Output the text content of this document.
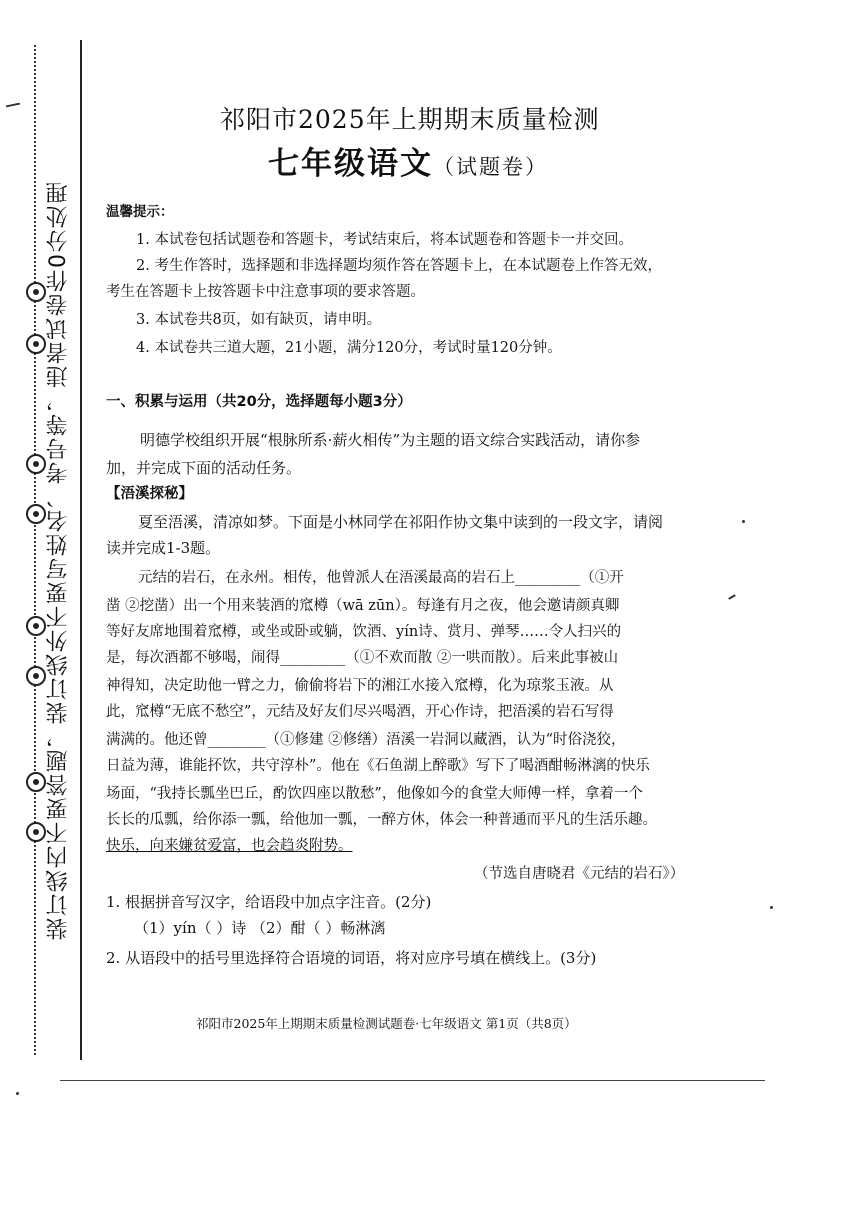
装订线内不要答题，装订线外不要写姓名、考号等，违者试卷作0分处理
祁阳市2025年上期期末质量检测
七年级语文（试题卷）
温馨提示：
1. 本试卷包括试题卷和答题卡，考试结束后，将本试题卷和答题卡一并交回。
2. 考生作答时，选择题和非选择题均须作答在答题卡上，在本试题卷上作答无效，
考生在答题卡上按答题卡中注意事项的要求答题。
3. 本试卷共8页，如有缺页，请申明。
4. 本试卷共三道大题，21小题，满分120分，考试时量120分钟。
一、积累与运用（共20分，选择题每小题3分）
明德学校组织开展“根脉所系·薪火相传”为主题的语文综合实践活动，请你参
加，并完成下面的活动任务。
【浯溪探秘】
夏至浯溪，清凉如梦。下面是小林同学在祁阳作协文集中读到的一段文字，请阅
读并完成1-3题。
元结的岩石，在永州。相传，他曾派人在浯溪最高的岩石上_________（①开
凿 ②挖凿）出一个用来装酒的窊樽（wā zūn）。每逢有月之夜，他会邀请颜真卿
等好友席地围着窊樽，或坐或卧或躺，饮酒、yín诗、赏月、弹琴……令人扫兴的
是，每次酒都不够喝，闹得_________（①不欢而散 ②一哄而散）。后来此事被山
神得知，决定助他一臂之力，偷偷将岩下的湘江水接入窊樽，化为琼浆玉液。从
此，窊樽“无底不愁空”，元结及好友们尽兴喝酒，开心作诗，把浯溪的岩石写得
满满的。他还曾________（①修建 ②修缮）浯溪一岩洞以藏酒，认为“时俗浇狡，
日益为薄，谁能抔饮，共守淳朴”。他在《石鱼湖上醉歌》写下了喝酒酣畅淋漓的快乐
场面，“我持长瓢坐巴丘，酌饮四座以散愁”，他像如今的食堂大师傅一样，拿着一个
长长的瓜瓢，给你添一瓢，给他加一瓢，一醉方休，体会一种普通而平凡的生活乐趣。
快乐，向来嫌贫爱富，也会趋炎附势。
（节选自唐晓君《元结的岩石》）
1. 根据拼音写汉字，给语段中加点字注音。(2分)
（1）yín（ ）诗 （2）酣（ ）畅淋漓
2. 从语段中的括号里选择符合语境的词语，将对应序号填在横线上。(3分)
祁阳市2025年上期期末质量检测试题卷·七年级语文 第1页（共8页）
